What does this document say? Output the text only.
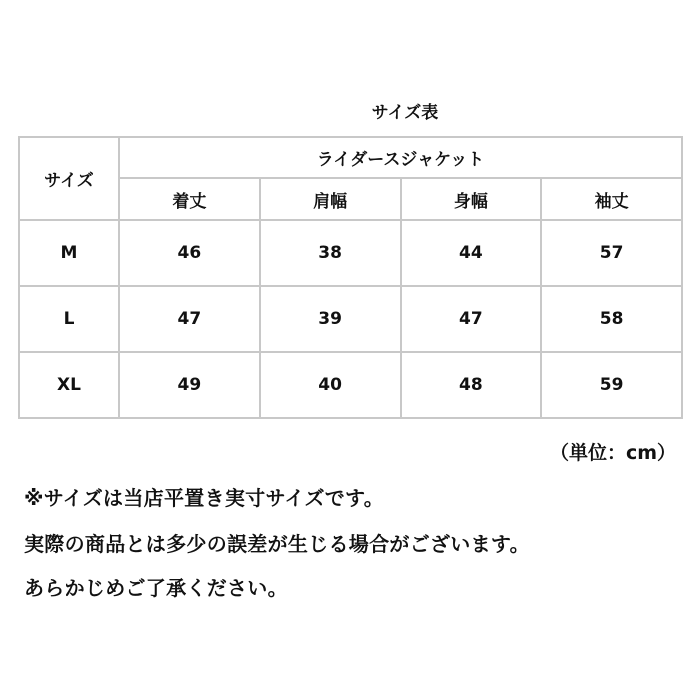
サイズ表
サイズ	ライダースジャケット			
	着丈	肩幅	身幅	袖丈
M	46	38	44	57
L	47	39	47	58
XL	49	40	48	59
（単位：cm）
※サイズは当店平置き実寸サイズです。
実際の商品とは多少の誤差が生じる場合がございます。
あらかじめご了承ください。
